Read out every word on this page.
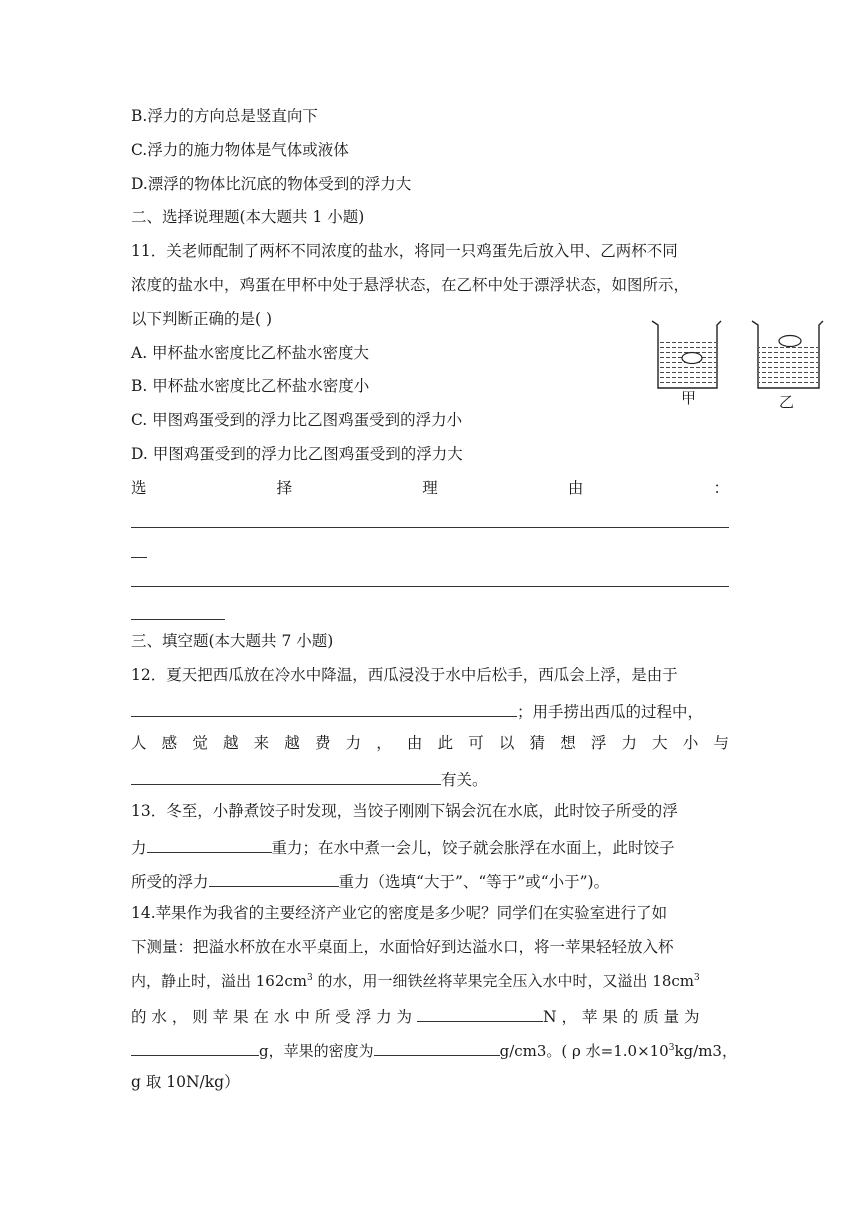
B.浮力的方向总是竖直向下
C.浮力的施力物体是气体或液体
D.漂浮的物体比沉底的物体受到的浮力大
二、选择说理题(本大题共 1 小题)
11．关老师配制了两杯不同浓度的盐水，将同一只鸡蛋先后放入甲、乙两杯不同
浓度的盐水中，鸡蛋在甲杯中处于悬浮状态，在乙杯中处于漂浮状态，如图所示，
以下判断正确的是( )
A. 甲杯盐水密度比乙杯盐水密度大
B. 甲杯盐水密度比乙杯盐水密度小
C. 甲图鸡蛋受到的浮力比乙图鸡蛋受到的浮力小
D. 甲图鸡蛋受到的浮力比乙图鸡蛋受到的浮力大
甲	乙
选	择	理	由	：
三、填空题(本大题共 7 小题)
12．夏天把西瓜放在冷水中降温，西瓜浸没于水中后松手，西瓜会上浮，是由于
；用手捞出西瓜的过程中，
人 感 觉 越 来 越 费 力 ， 由 此 可 以 猜 想 浮 力 大 小 与
有关。
13．冬至，小静煮饺子时发现，当饺子刚刚下锅会沉在水底，此时饺子所受的浮
力	重力；在水中煮一会儿，饺子就会胀浮在水面上，此时饺子
所受的浮力	重力（选填“大于”、“等于”或“小于”)。
14.苹果作为我省的主要经济产业它的密度是多少呢？同学们在实验室进行了如
下测量：把溢水杯放在水平桌面上，水面恰好到达溢水口，将一苹果轻轻放入杯
内，静止时，溢出 $162cm^3$ 的水，用一细铁丝将苹果完全压入水中时，又溢出 $18cm^3$
的 水 ， 则 苹 果 在 水 中 所 受 浮 力 为	N ， 苹 果 的 质 量 为
g，苹果的密度为	g/cm3。( ρ 水$=1.0\times 10^3kg/m3$，
g 取 10N/kg）
